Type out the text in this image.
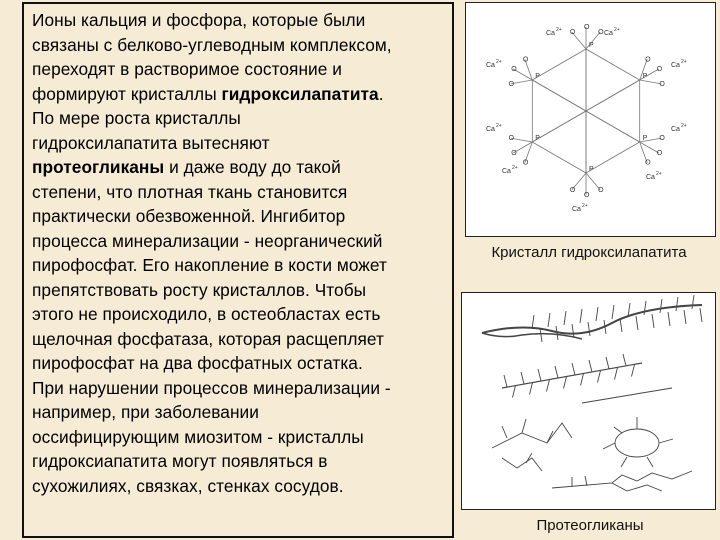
Ионы кальция и фосфора, которые были
связаны с белково-углеводным комплексом,
переходят в растворимое состояние и
формируют кристаллы гидроксилапатита.
По мере роста кристаллы
гидроксилапатита вытесняют
протеогликаны и даже воду до такой
степени, что плотная ткань становится
практически обезвоженной. Ингибитор
процесса минерализации - неорганический
пирофосфат. Его накопление в кости может
препятствовать росту кристаллов. Чтобы
этого не происходило, в остеобластах есть
щелочная фосфатаза, которая расщепляет
пирофосфат на два фосфатных остатка.
При нарушении процессов минерализации -
например, при заболевании
оссифицирующим миозитом - кристаллы
гидроксиапатита могут появляться в
сухожилиях, связках, стенках сосудов.
O
O
O
P
O
O
O
P
O
O
O	P
O
O
O
P
O
O
O
P
O
O
O
P
Ca 2+	Ca 2+
Ca 2+	Ca 2+
Ca 2+	Ca 2+
Ca 2+
Ca 2+
Ca 2+
Кристалл гидроксилапатита
Протеогликаны
